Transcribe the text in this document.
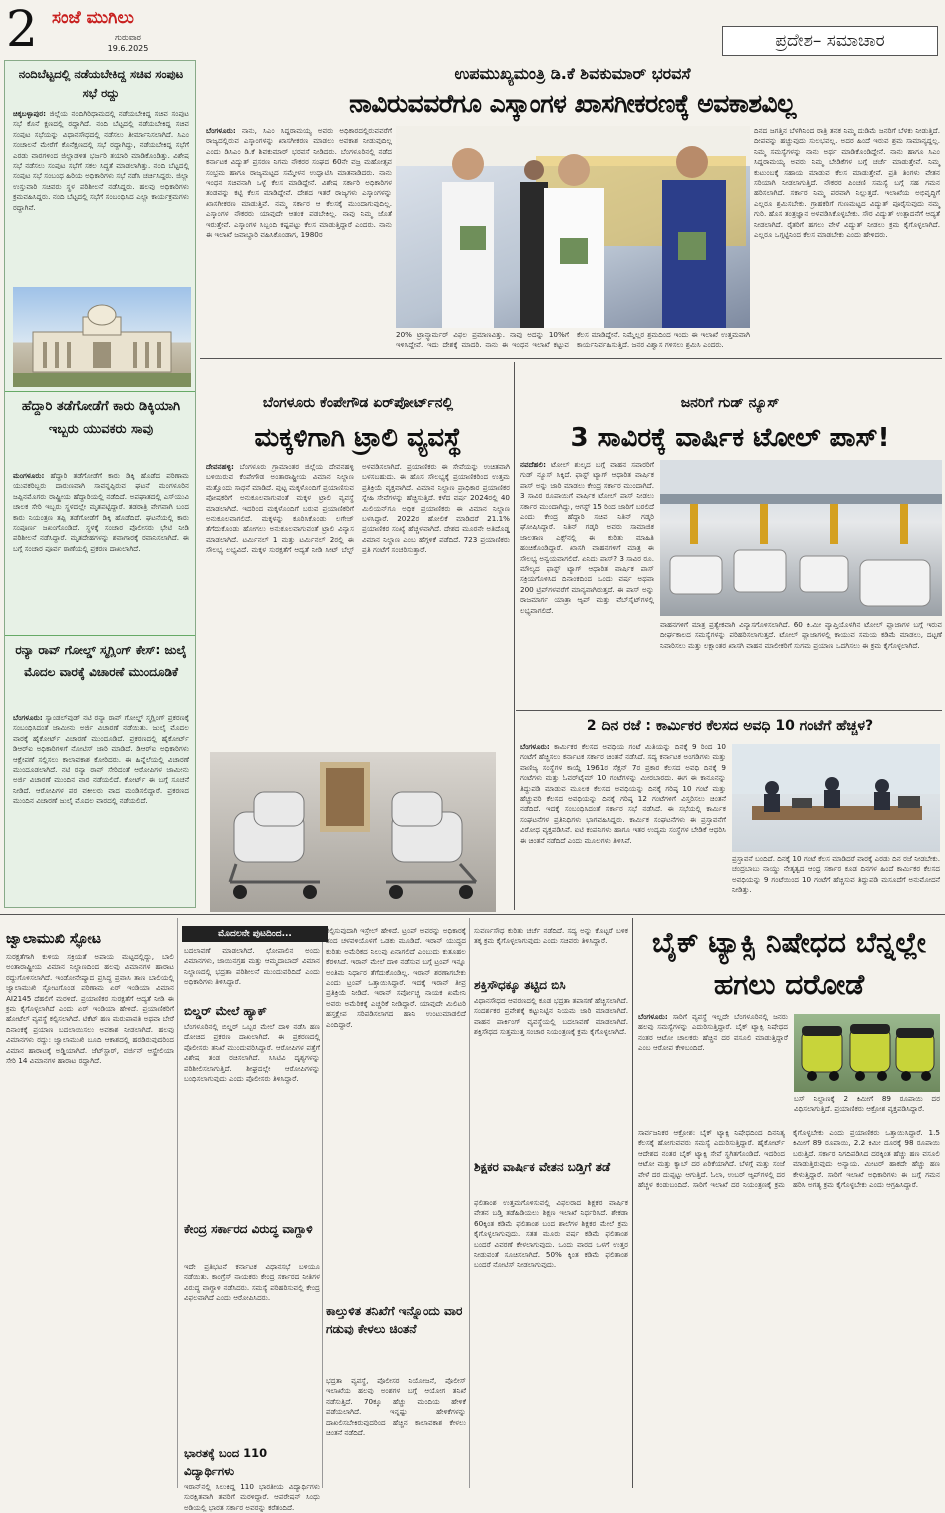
2 ಸಂಜೆ ಮುಗಿಲು
ಗುರುವಾರ
19.6.2025	ಪ್ರದೇಶ– ಸಮಾಚಾರ
ನಂದಿಬೆಟ್ಟದಲ್ಲಿ ನಡೆಯಬೇಕಿದ್ದ ಸಚಿವ ಸಂಪುಟ ಸಭೆ ರದ್ದು
ಚಿಕ್ಕಬಳ್ಳಾಪುರ: ಜಿಲ್ಲೆಯ ನಂದಿಗಿರಿಧಾಮದಲ್ಲಿ ನಡೆಯಬೇಕಿದ್ದ ಸಚಿವ ಸಂಪುಟ ಸಭೆ ಕೊನೆ ಕ್ಷಣದಲ್ಲಿ ರದ್ದಾಗಿದೆ. ನಂದಿ ಬೆಟ್ಟದಲ್ಲಿ ನಡೆಯಬೇಕಿದ್ದ ಸಚಿವ ಸಂಪುಟ ಸಭೆಯನ್ನು ವಿಧಾನಸೌಧದಲ್ಲಿ ನಡೆಸಲು ತೀರ್ಮಾನಿಸಲಾಗಿದೆ. ಸಿಎಂ ಸಂಚಾಲನೆ ಮೇರೆಗೆ ಕೊನೆಕ್ಷಣದಲ್ಲಿ ಸಭೆ ರದ್ದಾಗಿದ್ದು, ನಡೆಯಬೇಕಿದ್ದ ಸಭೆಗೆ ಎರಡು ವಾರಗಳಿಂದ ಜಿಲ್ಲಾಡಳಿತ ಭರ್ಜರಿ ತಯಾರಿ ಮಾಡಿಕೊಂಡಿತ್ತು. ವಿಶೇಷ ಸಭೆ ನಡೆಸಲು ಸಂಪುಟ ಸಭೆಗೆ ಸಕಲ ಸಿದ್ಧತೆ ಮಾಡಲಾಗಿತ್ತು. ನಂದಿ ಬೆಟ್ಟದಲ್ಲಿ ಸಂಪುಟ ಸಭೆ ಸಂಬಂಧ ಹಿರಿಯ ಅಧಿಕಾರಿಗಳು ಸಭೆ ನಡೆಸಿ ಚರ್ಚಿಸಿದ್ದರು. ಜಿಲ್ಲಾ ಉಸ್ತುವಾರಿ ಸಚಿವರು ಸ್ಥಳ ಪರಿಶೀಲನೆ ನಡೆಸಿದ್ದರು. ಹಲವು ಅಧಿಕಾರಿಗಳು ಕ್ರಮವಹಿಸಿದ್ದರು. ನಂದಿ ಬೆಟ್ಟದಲ್ಲಿ ಸಭೆಗೆ ಸಂಬಂಧಿಸಿದ ಎಲ್ಲಾ ಕಾರ್ಯಕ್ರಮಗಳು ರದ್ದಾಗಿವೆ.
ಹೆದ್ದಾರಿ ತಡೆಗೋಡೆಗೆ ಕಾರು ಡಿಕ್ಕಿಯಾಗಿ ಇಬ್ಬರು ಯುವಕರು ಸಾವು
ಮಂಗಳೂರು: ಹೆದ್ದಾರಿ ತಡೆಗೋಡೆಗೆ ಕಾರು ಡಿಕ್ಕಿ ಹೊಡೆದ ಪರಿಣಾಮ ಯುವಕರಿಬ್ಬರು ದಾರುಣವಾಗಿ ಸಾವನ್ನಪ್ಪಿರುವ ಘಟನೆ ಮಂಗಳೂರಿನ ಜಪ್ಪಿನಮೊಗರು ರಾಷ್ಟ್ರೀಯ ಹೆದ್ದಾರಿಯಲ್ಲಿ ನಡೆದಿದೆ. ಅಪಘಾತದಲ್ಲಿ ಎಸ್‌ಯುವಿ ಚಾಲಕ ಸೇರಿ ಇಬ್ಬರು ಸ್ಥಳದಲ್ಲೇ ಮೃತಪಟ್ಟಿದ್ದಾರೆ. ತಡರಾತ್ರಿ ವೇಗವಾಗಿ ಬಂದ ಕಾರು ನಿಯಂತ್ರಣ ತಪ್ಪಿ ತಡೆಗೋಡೆಗೆ ಡಿಕ್ಕಿ ಹೊಡೆದಿದೆ. ಘಟನೆಯಲ್ಲಿ ಕಾರು ಸಂಪೂರ್ಣ ಜಖಂಗೊಂಡಿದೆ. ಸ್ಥಳಕ್ಕೆ ಸಂಚಾರ ಪೊಲೀಸರು ಭೇಟಿ ನೀಡಿ ಪರಿಶೀಲನೆ ನಡೆಸಿದ್ದಾರೆ. ಮೃತದೇಹಗಳನ್ನು ಶವಾಗಾರಕ್ಕೆ ರವಾನಿಸಲಾಗಿದೆ. ಈ ಬಗ್ಗೆ ಸಂಚಾರ ಪೂರ್ವ ಠಾಣೆಯಲ್ಲಿ ಪ್ರಕರಣ ದಾಖಲಾಗಿದೆ.
ರನ್ಯಾ ರಾವ್ ಗೋಲ್ಡ್ ಸ್ಮಗ್ಲಿಂಗ್ ಕೇಸ್: ಜುಲೈ ಮೊದಲ ವಾರಕ್ಕೆ ವಿಚಾರಣೆ ಮುಂದೂಡಿಕೆ
ಬೆಂಗಳೂರು: ಸ್ಯಾಂಡಲ್‌ವುಡ್ ನಟಿ ರನ್ಯಾ ರಾವ್ ಗೋಲ್ಡ್ ಸ್ಮಗ್ಲಿಂಗ್ ಪ್ರಕರಣಕ್ಕೆ ಸಂಬಂಧಿಸಿದಂತೆ ಜಾಮೀನು ಅರ್ಜಿ ವಿಚಾರಣೆ ನಡೆಯಿತು. ಜುಲೈ ಮೊದಲ ವಾರಕ್ಕೆ ಹೈಕೋರ್ಟ್ ವಿಚಾರಣೆ ಮುಂದೂಡಿದೆ. ಪ್ರಕರಣದಲ್ಲಿ ಹೈಕೋರ್ಟ್ ಡಿಆರ್‌ಐ ಅಧಿಕಾರಿಗಳಿಗೆ ನೋಟಿಸ್ ಜಾರಿ ಮಾಡಿದೆ. ಡಿಆರ್‌ಐ ಅಧಿಕಾರಿಗಳು ಆಕ್ಷೇಪಣೆ ಸಲ್ಲಿಸಲು ಕಾಲಾವಕಾಶ ಕೋರಿದರು. ಈ ಹಿನ್ನೆಲೆಯಲ್ಲಿ ವಿಚಾರಣೆ ಮುಂದೂಡಲಾಗಿದೆ. ನಟಿ ರನ್ಯಾ ರಾವ್ ಸೇರಿದಂತೆ ಆರೋಪಿಗಳ ಜಾಮೀನು ಅರ್ಜಿ ವಿಚಾರಣೆ ಮುಂದಿನ ವಾರ ನಡೆಯಲಿದೆ. ಕೋರ್ಟ್ ಈ ಬಗ್ಗೆ ಸೂಚನೆ ನೀಡಿದೆ. ಆರೋಪಿಗಳ ಪರ ವಕೀಲರು ವಾದ ಮಂಡಿಸಲಿದ್ದಾರೆ. ಪ್ರಕರಣದ ಮುಂದಿನ ವಿಚಾರಣೆ ಜುಲೈ ಮೊದಲ ವಾರದಲ್ಲಿ ನಡೆಯಲಿದೆ.
ಉಪಮುಖ್ಯಮಂತ್ರಿ ಡಿ.ಕೆ ಶಿವಕುಮಾರ್ ಭರವಸೆ
ನಾವಿರುವವರೆಗೂ ಎಸ್ಕಾಂಗಳ ಖಾಸಗೀಕರಣಕ್ಕೆ ಅವಕಾಶವಿಲ್ಲ
ಬೆಂಗಳೂರು: ನಾನು, ಸಿಎಂ ಸಿದ್ದರಾಮಯ್ಯ ಅವರು ಅಧಿಕಾರದಲ್ಲಿರುವವರೆಗೆ ರಾಜ್ಯದಲ್ಲಿರುವ ಎಸ್ಕಾಂಗಳನ್ನು ಖಾಸಗೀಕರಣ ಮಾಡಲು ಅವಕಾಶ ನೀಡುವುದಿಲ್ಲ ಎಂದು ಡಿಸಿಎಂ ಡಿ.ಕೆ ಶಿವಕುಮಾರ್ ಭರವಸೆ ನೀಡಿದರು. ಬೆಂಗಳೂರಿನಲ್ಲಿ ನಡೆದ ಕರ್ನಾಟಕ ವಿದ್ಯುತ್ ಪ್ರಸರಣ ನಿಗಮ ನೌಕರರ ಸಂಘದ 60ನೇ ವಜ್ರ ಮಹೋತ್ಸವ ಸಂಭ್ರಮ ಹಾಗೂ ರಾಜ್ಯಮಟ್ಟದ ಸಮ್ಮೇಳನ ಉದ್ಘಾಟಿಸಿ ಮಾತನಾಡಿದರು. ನಾನು ಇಂಧನ ಸಚಿವನಾಗಿ ಒಳ್ಳೆ ಕೆಲಸ ಮಾಡಿದ್ದೇನೆ. ವಿಶೇಷ ಸರ್ಕಾರಿ ಅಧಿಕಾರಿಗಳ ತಂಡವನ್ನು ಕಟ್ಟಿ ಕೆಲಸ ಮಾಡಿದ್ದೇವೆ. ದೇಶದ ಇತರೆ ರಾಜ್ಯಗಳು ಎಸ್ಕಾಂಗಳನ್ನು ಖಾಸಗೀಕರಣ ಮಾಡುತ್ತಿವೆ. ನಮ್ಮ ಸರ್ಕಾರ ಆ ಕೆಲಸಕ್ಕೆ ಮುಂದಾಗುವುದಿಲ್ಲ. ಎಸ್ಕಾಂಗಳ ನೌಕರರು ಯಾವುದೇ ಆತಂಕ ಪಡಬೇಕಿಲ್ಲ. ನಾವು ನಿಮ್ಮ ಜೊತೆ ಇರುತ್ತೇವೆ. ಎಸ್ಕಾಂಗಳ ಸಿಬ್ಬಂದಿ ಕಷ್ಟಪಟ್ಟು ಕೆಲಸ ಮಾಡುತ್ತಿದ್ದಾರೆ ಎಂದರು. ನಾನು ಈ ಇಲಾಖೆ ಜವಾಬ್ದಾರಿ ವಹಿಸಿಕೊಂಡಾಗ, 1980ರ
20% ಟ್ರಾನ್ಸ್ಫಾರ್ಮರ್ ವಿಫಲ ಪ್ರಮಾಣವಿತ್ತು. ನಾವು ಅದನ್ನು 10%ಗೆ ಇಳಿಸಿದ್ದೇವೆ. ಇದು ದೇಶಕ್ಕೆ ಮಾದರಿ. ನಾನು ಈ ಇಂಧನ ಇಲಾಖೆ ಕಟ್ಟುವ ಕೆಲಸ ಮಾಡಿದ್ದೇನೆ. ನಿಮ್ಮೆಲ್ಲರ ಶ್ರಮದಿಂದ ಇಂದು ಈ ಇಲಾಖೆ ಉತ್ತಮವಾಗಿ ಕಾರ್ಯನಿರ್ವಹಿಸುತ್ತಿದೆ. ಜನರ ವಿಶ್ವಾಸ ಗಳಿಸಲು ಶ್ರಮಿಸಿ ಎಂದರು.
ದಿನದ ಜಗತ್ತಿನ ಬೆಳಗಿನಿಂದ ರಾತ್ರಿ ತನಕ ನಿಮ್ಮ ದುಡಿಮೆ ಜನರಿಗೆ ಬೆಳಕು ನೀಡುತ್ತಿದೆ. ದೀಪವನ್ನು ಹಚ್ಚುವುದು ಸುಲಭವಲ್ಲ. ಅದರ ಹಿಂದೆ ಇರುವ ಶ್ರಮ ಸಾಮಾನ್ಯದ್ದಲ್ಲ. ನಿಮ್ಮ ಸಮಸ್ಯೆಗಳನ್ನು ನಾನು ಅರ್ಥ ಮಾಡಿಕೊಂಡಿದ್ದೇನೆ. ನಾನು ಹಾಗೂ ಸಿಎಂ ಸಿದ್ದರಾಮಯ್ಯ ಅವರು ನಿಮ್ಮ ಬೇಡಿಕೆಗಳ ಬಗ್ಗೆ ಚರ್ಚೆ ಮಾಡುತ್ತೇವೆ. ನಿಮ್ಮ ಕುಟುಂಬಕ್ಕೆ ಸಹಾಯ ಮಾಡುವ ಕೆಲಸ ಮಾಡುತ್ತೇವೆ. ಪ್ರತಿ ತಿಂಗಳು ವೇತನ ಸರಿಯಾಗಿ ನೀಡಲಾಗುತ್ತಿದೆ. ನೌಕರರ ಪಿಂಚಣಿ ಸಮಸ್ಯೆ ಬಗ್ಗೆ ಸಹ ಗಮನ ಹರಿಸಲಾಗಿದೆ. ಸರ್ಕಾರ ನಿಮ್ಮ ಪರವಾಗಿ ನಿಲ್ಲುತ್ತದೆ. ಇಲಾಖೆಯ ಅಭಿವೃದ್ಧಿಗೆ ಎಲ್ಲರೂ ಶ್ರಮಿಸಬೇಕು. ಗ್ರಾಹಕರಿಗೆ ಗುಣಮಟ್ಟದ ವಿದ್ಯುತ್ ಪೂರೈಸುವುದು ನಮ್ಮ ಗುರಿ. ಹೊಸ ತಂತ್ರಜ್ಞಾನ ಅಳವಡಿಸಿಕೊಳ್ಳಬೇಕು. ಸೌರ ವಿದ್ಯುತ್ ಉತ್ಪಾದನೆಗೆ ಆದ್ಯತೆ ನೀಡಲಾಗಿದೆ. ರೈತರಿಗೆ ಹಗಲು ವೇಳೆ ವಿದ್ಯುತ್ ನೀಡಲು ಕ್ರಮ ಕೈಗೊಳ್ಳಲಾಗಿದೆ. ಎಲ್ಲರೂ ಒಗ್ಗಟ್ಟಿನಿಂದ ಕೆಲಸ ಮಾಡಬೇಕು ಎಂದು ಹೇಳಿದರು.
ಬೆಂಗಳೂರು ಕೆಂಪೇಗೌಡ ಏರ್‌ಪೋರ್ಟ್‌ನಲ್ಲಿ
ಮಕ್ಕಳಿಗಾಗಿ ಟ್ರಾಲಿ ವ್ಯವಸ್ಥೆ
ದೇವನಹಳ್ಳಿ: ಬೆಂಗಳೂರು ಗ್ರಾಮಾಂತರ ಜಿಲ್ಲೆಯ ದೇವನಹಳ್ಳಿ ಬಳಿಯಿರುವ ಕೆಂಪೇಗೌಡ ಅಂತಾರಾಷ್ಟ್ರೀಯ ವಿಮಾನ ನಿಲ್ದಾಣ ಮತ್ತೊಂದು ಸಾಧನೆ ಮಾಡಿದೆ. ಪುಟ್ಟ ಮಕ್ಕಳೊಂದಿಗೆ ಪ್ರಯಾಣಿಸುವ ಪೋಷಕರಿಗೆ ಅನುಕೂಲವಾಗುವಂತೆ ಮಕ್ಕಳ ಟ್ರಾಲಿ ವ್ಯವಸ್ಥೆ ಮಾಡಲಾಗಿದೆ. ಇದರಿಂದ ಮಕ್ಕಳೊಂದಿಗೆ ಬರುವ ಪ್ರಯಾಣಿಕರಿಗೆ ಅನುಕೂಲವಾಗಲಿದೆ. ಮಕ್ಕಳನ್ನು ಕೂರಿಸಿಕೊಂಡು ಲಗೇಜ್ ತೆಗೆದುಕೊಂಡು ಹೋಗಲು ಅನುಕೂಲವಾಗುವಂತೆ ಟ್ರಾಲಿ ವಿನ್ಯಾಸ ಮಾಡಲಾಗಿದೆ. ಟರ್ಮಿನಲ್ 1 ಮತ್ತು ಟರ್ಮಿನಲ್ 2ರಲ್ಲಿ ಈ ಸೌಲಭ್ಯ ಲಭ್ಯವಿದೆ. ಮಕ್ಕಳ ಸುರಕ್ಷತೆಗೆ ಆದ್ಯತೆ ನೀಡಿ ಸೀಟ್ ಬೆಲ್ಟ್ ಅಳವಡಿಸಲಾಗಿದೆ. ಪ್ರಯಾಣಿಕರು ಈ ಸೇವೆಯನ್ನು ಉಚಿತವಾಗಿ ಬಳಸಬಹುದು. ಈ ಹೊಸ ಸೌಲಭ್ಯಕ್ಕೆ ಪ್ರಯಾಣಿಕರಿಂದ ಉತ್ತಮ ಪ್ರತಿಕ್ರಿಯೆ ವ್ಯಕ್ತವಾಗಿದೆ. ವಿಮಾನ ನಿಲ್ದಾಣ ಪ್ರಾಧಿಕಾರ ಪ್ರಯಾಣಿಕರ ಸ್ನೇಹಿ ಸೇವೆಗಳನ್ನು ಹೆಚ್ಚಿಸುತ್ತಿದೆ. ಕಳೆದ ವರ್ಷ 2024ರಲ್ಲಿ 40 ಮಿಲಿಯನ್‌ಗೂ ಅಧಿಕ ಪ್ರಯಾಣಿಕರು ಈ ವಿಮಾನ ನಿಲ್ದಾಣ ಬಳಸಿದ್ದಾರೆ. 2022ರ ಹೋಲಿಕೆ ಮಾಡಿದರೆ 21.1% ಪ್ರಯಾಣಿಕರ ಸಂಖ್ಯೆ ಹೆಚ್ಚಳವಾಗಿದೆ. ದೇಶದ ಮೂರನೇ ಅತಿದೊಡ್ಡ ವಿಮಾನ ನಿಲ್ದಾಣ ಎಂಬ ಹೆಗ್ಗಳಿಕೆ ಪಡೆದಿದೆ. 723 ಪ್ರಯಾಣಿಕರು ಪ್ರತಿ ಗಂಟೆಗೆ ಸಂಚರಿಸುತ್ತಾರೆ.
ಜನರಿಗೆ ಗುಡ್ ನ್ಯೂಸ್
3 ಸಾವಿರಕ್ಕೆ ವಾರ್ಷಿಕ ಟೋಲ್ ಪಾಸ್!
ನವದೆಹಲಿ: ಟೋಲ್ ಶುಲ್ಕದ ಬಗ್ಗೆ ವಾಹನ ಸವಾರರಿಗೆ ಗುಡ್ ನ್ಯೂಸ್ ಸಿಕ್ಕಿದೆ. ಫಾಸ್ಟ್ ಟ್ಯಾಗ್ ಆಧಾರಿತ ವಾರ್ಷಿಕ ಪಾಸ್ ಅನ್ನು ಜಾರಿ ಮಾಡಲು ಕೇಂದ್ರ ಸರ್ಕಾರ ಮುಂದಾಗಿದೆ. 3 ಸಾವಿರ ರೂಪಾಯಿಗೆ ವಾರ್ಷಿಕ ಟೋಲ್ ಪಾಸ್ ನೀಡಲು ಸರ್ಕಾರ ಮುಂದಾಗಿದ್ದು, ಆಗಸ್ಟ್ 15 ರಿಂದ ಜಾರಿಗೆ ಬರಲಿದೆ ಎಂದು ಕೇಂದ್ರ ಹೆದ್ದಾರಿ ಸಚಿವ ನಿತಿನ್ ಗಡ್ಕರಿ ಘೋಷಿಸಿದ್ದಾರೆ. ನಿತಿನ್ ಗಡ್ಕರಿ ಅವರು ಸಾಮಾಜಿಕ ಜಾಲತಾಣ ಎಕ್ಸ್‌ನಲ್ಲಿ ಈ ಕುರಿತು ಮಾಹಿತಿ ಹಂಚಿಕೊಂಡಿದ್ದಾರೆ. ಖಾಸಗಿ ವಾಹನಗಳಿಗೆ ಮಾತ್ರ ಈ ಸೌಲಭ್ಯ ಅನ್ವಯವಾಗಲಿದೆ. ಏನಿದು ಪಾಸ್? 3 ಸಾವಿರ ರೂ. ಮೌಲ್ಯದ ಫಾಸ್ಟ್ ಟ್ಯಾಗ್ ಆಧಾರಿತ ವಾರ್ಷಿಕ ಪಾಸ್ ಸಕ್ರಿಯಗೊಳಿಸಿದ ದಿನಾಂಕದಿಂದ ಒಂದು ವರ್ಷ ಅಥವಾ 200 ಟ್ರಿಪ್‌ಗಳವರೆಗೆ ಮಾನ್ಯವಾಗಿರುತ್ತದೆ. ಈ ಪಾಸ್ ಅನ್ನು ರಾಜಮಾರ್ಗ ಯಾತ್ರಾ ಆ್ಯಪ್ ಮತ್ತು ವೆಬ್‌ಸೈಟ್‌ಗಳಲ್ಲಿ ಲಭ್ಯವಾಗಲಿದೆ.
ವಾಹನಗಳಿಗೆ ಮಾತ್ರ ಪ್ರತ್ಯೇಕವಾಗಿ ವಿನ್ಯಾಸಗೊಳಿಸಲಾಗಿದೆ. 60 ಕಿ.ಮೀ ವ್ಯಾಪ್ತಿಯೊಳಗಿನ ಟೋಲ್ ಪ್ಲಾಜಾಗಳ ಬಗ್ಗೆ ಇರುವ ದೀರ್ಘಕಾಲದ ಸಮಸ್ಯೆಗಳನ್ನು ಪರಿಹರಿಸಲಾಗುತ್ತದೆ. ಟೋಲ್ ಪ್ಲಾಜಾಗಳಲ್ಲಿ ಕಾಯುವ ಸಮಯ ಕಡಿಮೆ ಮಾಡಲು, ದಟ್ಟಣೆ ನಿವಾರಿಸಲು ಮತ್ತು ಲಕ್ಷಾಂತರ ಖಾಸಗಿ ವಾಹನ ಮಾಲೀಕರಿಗೆ ಸುಗಮ ಪ್ರಯಾಣ ಒದಗಿಸಲು ಈ ಕ್ರಮ ಕೈಗೊಳ್ಳಲಾಗಿದೆ.
2 ದಿನ ರಜೆ : ಕಾರ್ಮಿಕರ ಕೆಲಸದ ಅವಧಿ 10 ಗಂಟೆಗೆ ಹೆಚ್ಚಳ?
ಬೆಂಗಳೂರು: ಕಾರ್ಮಿಕರ ಕೆಲಸದ ಅವಧಿಯ ಗಂಟೆ ಮಿತಿಯನ್ನು ದಿನಕ್ಕೆ 9 ರಿಂದ 10 ಗಂಟೆಗೆ ಹೆಚ್ಚಿಸಲು ಕರ್ನಾಟಕ ಸರ್ಕಾರ ಚಿಂತನೆ ನಡೆಸಿದೆ. ಸದ್ಯ ಕರ್ನಾಟಕ ಅಂಗಡಿಗಳು ಮತ್ತು ವಾಣಿಜ್ಯ ಸಂಸ್ಥೆಗಳ ಕಾಯ್ದೆ 1961ರ ಸೆಕ್ಷನ್ 7ರ ಪ್ರಕಾರ ಕೆಲಸದ ಅವಧಿ ದಿನಕ್ಕೆ 9 ಗಂಟೆಗಳು ಮತ್ತು ಓವರ್‌ಟೈಮ್ 10 ಗಂಟೆಗಳನ್ನು ಮೀರಬಾರದು. ಈಗ ಈ ಕಾನೂನನ್ನು ತಿದ್ದುಪಡಿ ಮಾಡುವ ಮೂಲಕ ಕೆಲಸದ ಅವಧಿಯನ್ನು ದಿನಕ್ಕೆ ಗರಿಷ್ಠ 10 ಗಂಟೆ ಮತ್ತು ಹೆಚ್ಚುವರಿ ಕೆಲಸದ ಅವಧಿಯನ್ನು ದಿನಕ್ಕೆ ಗರಿಷ್ಠ 12 ಗಂಟೆಗಳಿಗೆ ವಿಸ್ತರಿಸಲು ಚಿಂತನೆ ನಡೆದಿದೆ. ಇದಕ್ಕೆ ಸಂಬಂಧಿಸಿದಂತೆ ಸರ್ಕಾರ ಸಭೆ ನಡೆಸಿದೆ. ಈ ಸಭೆಯಲ್ಲಿ ಕಾರ್ಮಿಕ ಸಂಘಟನೆಗಳ ಪ್ರತಿನಿಧಿಗಳು ಭಾಗವಹಿಸಿದ್ದರು. ಕಾರ್ಮಿಕ ಸಂಘಟನೆಗಳು ಈ ಪ್ರಸ್ತಾವನೆಗೆ ವಿರೋಧ ವ್ಯಕ್ತಪಡಿಸಿವೆ. ಐಟಿ ಕಂಪನಿಗಳು ಹಾಗೂ ಇತರ ಉದ್ಯಮ ಸಂಸ್ಥೆಗಳ ಬೇಡಿಕೆ ಆಧರಿಸಿ ಈ ಚಿಂತನೆ ನಡೆದಿದೆ ಎಂದು ಮೂಲಗಳು ತಿಳಿಸಿವೆ.
ಪ್ರಸ್ತಾವನೆ ಬಂದಿದೆ. ದಿನಕ್ಕೆ 10 ಗಂಟೆ ಕೆಲಸ ಮಾಡಿದರೆ ವಾರಕ್ಕೆ ಎರಡು ದಿನ ರಜೆ ನೀಡಬೇಕು. ಚಂದ್ರಬಾಬು ನಾಯ್ಡು ನೇತೃತ್ವದ ಆಂಧ್ರ ಸರ್ಕಾರ ಕೂಡ ದಿನಗಳ ಹಿಂದೆ ಕಾರ್ಮಿಕರ ಕೆಲಸದ ಅವಧಿಯನ್ನು 9 ಗಂಟೆಯಿಂದ 10 ಗಂಟೆಗೆ ಹೆಚ್ಚಿಸುವ ತಿದ್ದುಪಡಿ ಮಸೂದೆಗೆ ಅನುಮೋದನೆ ನೀಡಿತ್ತು.
ಜ್ವಾಲಾಮುಖಿ ಸ್ಫೋಟ
ಸುರಕ್ಷತೆಗಾಗಿ ಕುಳಿಯ ಸಕ್ರಿಯತೆ ಅಪಾಯ ಮಟ್ಟದಲ್ಲಿದ್ದು, ಬಾಲಿ ಅಂತಾರಾಷ್ಟ್ರೀಯ ವಿಮಾನ ನಿಲ್ದಾಣದಿಂದ ಹಲವು ವಿಮಾನಗಳ ಹಾರಾಟ ರದ್ದುಗೊಳಿಸಲಾಗಿದೆ. ಇಂಡೋನೇಷ್ಯಾದ ಪ್ರಸಿದ್ಧ ಪ್ರವಾಸಿ ತಾಣ ಬಾಲಿಯಲ್ಲಿ ಜ್ವಾಲಾಮುಖಿ ಸ್ಫೋಟಗೊಂಡ ಪರಿಣಾಮ ಏರ್ ಇಂಡಿಯಾ ವಿಮಾನ AI2145 ದೆಹಲಿಗೆ ಮರಳಿದೆ. ಪ್ರಯಾಣಿಕರ ಸುರಕ್ಷತೆಗೆ ಆದ್ಯತೆ ನೀಡಿ ಈ ಕ್ರಮ ಕೈಗೊಳ್ಳಲಾಗಿದೆ ಎಂದು ಏರ್ ಇಂಡಿಯಾ ಹೇಳಿದೆ. ಪ್ರಯಾಣಿಕರಿಗೆ ಹೋಟೆಲ್ ವ್ಯವಸ್ಥೆ ಕಲ್ಪಿಸಲಾಗಿದೆ. ಟಿಕೆಟ್ ಹಣ ಮರುಪಾವತಿ ಅಥವಾ ಬೇರೆ ದಿನಾಂಕಕ್ಕೆ ಪ್ರಯಾಣ ಬದಲಾಯಿಸಲು ಅವಕಾಶ ನೀಡಲಾಗಿದೆ. ಹಲವು ವಿಮಾನಗಳು ರದ್ದು: ಜ್ವಾಲಾಮುಖಿ ಬೂದಿ ಆಕಾಶದಲ್ಲಿ ಹರಡಿರುವುದರಿಂದ ವಿಮಾನ ಹಾರಾಟಕ್ಕೆ ಅಡ್ಡಿಯಾಗಿದೆ. ಜೆಟ್‌ಸ್ಟಾರ್, ವರ್ಜಿನ್ ಆಸ್ಟ್ರೇಲಿಯಾ ಸೇರಿ 14 ವಿಮಾನಗಳ ಹಾರಾಟ ರದ್ದಾಗಿದೆ.
ಮೊದಲನೇ ಪುಟದಿಂದ...
ಬದಲಾವಣೆ ಮಾಡಲಾಗಿದೆ. ಛೋಪಾಲಿನ ಅಂದು ವಿಮಾನಗಳು, ಜಾಯಿನಗ್ರಹ ಮತ್ತು ಆಮ್ಮದಾಬಾದ್ ವಿಮಾನ ನಿಲ್ದಾಣದಲ್ಲಿ ಭದ್ರತಾ ಪರಿಶೀಲನೆ ಮುಂದುವರಿದಿದೆ ಎಂದು ಅಧಿಕಾರಿಗಳು ತಿಳಿಸಿದ್ದಾರೆ.
ಬಿಲ್ಡರ್ ಮೇಲೆ ಹ್ಯಾಕ್
ಬೆಂಗಳೂರಿನಲ್ಲಿ ಬಿಲ್ಡರ್ ಒಬ್ಬರ ಮೇಲೆ ದಾಳಿ ನಡೆಸಿ ಹಣ ದೋಚಿದ ಪ್ರಕರಣ ದಾಖಲಾಗಿದೆ. ಈ ಪ್ರಕರಣದಲ್ಲಿ ಪೊಲೀಸರು ತನಿಖೆ ಮುಂದುವರಿಸಿದ್ದಾರೆ. ಆರೋಪಿಗಳ ಪತ್ತೆಗೆ ವಿಶೇಷ ತಂಡ ರಚಿಸಲಾಗಿದೆ. ಸಿಸಿಟಿವಿ ದೃಶ್ಯಗಳನ್ನು ಪರಿಶೀಲಿಸಲಾಗುತ್ತಿದೆ. ಶೀಘ್ರದಲ್ಲೇ ಆರೋಪಿಗಳನ್ನು ಬಂಧಿಸಲಾಗುವುದು ಎಂದು ಪೊಲೀಸರು ತಿಳಿಸಿದ್ದಾರೆ.
ಕೇಂದ್ರ ಸರ್ಕಾರದ ವಿರುದ್ಧ ವಾಗ್ದಾಳಿ
ಇದೇ ಪ್ರತಿಭಟನೆ ಕರ್ನಾಟಕ ವಿಧಾನಸಭೆ ಬಳಿಯೂ ನಡೆಯಿತು. ಕಾಂಗ್ರೆಸ್ ನಾಯಕರು ಕೇಂದ್ರ ಸರ್ಕಾರದ ನೀತಿಗಳ ವಿರುದ್ಧ ವಾಗ್ದಾಳಿ ನಡೆಸಿದರು. ಸಮಸ್ಯೆ ಪರಿಹರಿಸುವಲ್ಲಿ ಕೇಂದ್ರ ವಿಫಲವಾಗಿದೆ ಎಂದು ಆರೋಪಿಸಿದರು.
ಭಾರತಕ್ಕೆ ಬಂದ 110 ವಿದ್ಯಾರ್ಥಿಗಳು
ಕಲ್ಪಿಸುವುದಾಗಿ ಇಸ್ರೇಲ್ ಹೇಳಿದೆ. ಟ್ರಂಪ್ ಅವರನ್ನು ಅಧಿಕಾರಕ್ಕೆ ತಂದ ಚಳವಳಿಯೊಳಗೆ ಒಡಕು ಮೂಡಿದೆ. ಇರಾನ್ ಯುದ್ಧದ ಕುರಿತು ಅಮೆರಿಕದ ನಿಲುವು ಏನಾಗಲಿದೆ ಎಂಬುದು ಕುತೂಹಲ ಕೆರಳಿಸಿದೆ. ಇರಾನ್ ಮೇಲೆ ದಾಳಿ ನಡೆಸುವ ಬಗ್ಗೆ ಟ್ರಂಪ್ ಇನ್ನೂ ಅಂತಿಮ ನಿರ್ಧಾರ ತೆಗೆದುಕೊಂಡಿಲ್ಲ. ಇರಾನ್ ಶರಣಾಗಬೇಕು ಎಂದು ಟ್ರಂಪ್ ಒತ್ತಾಯಿಸಿದ್ದಾರೆ. ಇದಕ್ಕೆ ಇರಾನ್ ತೀವ್ರ ಪ್ರತಿಕ್ರಿಯೆ ನೀಡಿದೆ. ಇರಾನ್ ಸರ್ವೋಚ್ಚ ನಾಯಕ ಖಮೇನಿ ಅವರು ಅಮೆರಿಕಕ್ಕೆ ಎಚ್ಚರಿಕೆ ನೀಡಿದ್ದಾರೆ. ಯಾವುದೇ ಮಿಲಿಟರಿ ಹಸ್ತಕ್ಷೇಪ ಸರಿಪಡಿಸಲಾಗದ ಹಾನಿ ಉಂಟುಮಾಡಲಿದೆ ಎಂದಿದ್ದಾರೆ.
ಕಾಲ್ತುಳಿತ ತನಿಖೆಗೆ ಇನ್ನೊಂದು ವಾರ ಗಡುವು ಕೇಳಲು ಚಿಂತನೆ
ಭದ್ರತಾ ವ್ಯವಸ್ಥೆ, ಪೊಲೀಸರ ನಿಯೋಜನೆ, ಪೊಲೀಸ್ ಇಲಾಖೆಯ ಹಲವು ಅಂಶಗಳ ಬಗ್ಗೆ ಆಯೋಗ ತನಿಖೆ ನಡೆಸುತ್ತಿದೆ. 70ಕ್ಕೂ ಹೆಚ್ಚು ಮಂದಿಯ ಹೇಳಿಕೆ ಪಡೆಯಲಾಗಿದೆ. ಇನ್ನಷ್ಟು ಹೇಳಿಕೆಗಳನ್ನು ದಾಖಲಿಸಬೇಕಿರುವುದರಿಂದ ಹೆಚ್ಚಿನ ಕಾಲಾವಕಾಶ ಕೇಳಲು ಚಿಂತನೆ ನಡೆದಿದೆ.
ಇರಾನ್‌ನಲ್ಲಿ ಸಿಲುಕಿದ್ದ 110 ಭಾರತೀಯ ವಿದ್ಯಾರ್ಥಿಗಳು ಸುರಕ್ಷಿತವಾಗಿ ತವರಿಗೆ ಮರಳಿದ್ದಾರೆ. ಆಪರೇಷನ್ ಸಿಂಧು ಅಡಿಯಲ್ಲಿ ಭಾರತ ಸರ್ಕಾರ ಅವರನ್ನು ಕರೆತಂದಿದೆ.
ಸುವರ್ಣಸೌಧ ಕುರಿತು ಚರ್ಚೆ ನಡೆದಿದೆ. ಸದ್ಯ ಅನ್ನು ಕೊಟ್ಟರೆ ಬಳಿಕ ತಕ್ಕ ಕ್ರಮ ಕೈಗೊಳ್ಳಲಾಗುವುದು ಎಂದು ಸಚಿವರು ತಿಳಿಸಿದ್ದಾರೆ.
ಶಕ್ತಿಸೌಧಕ್ಕೂ ತಟ್ಟಿದ ಬಿಸಿ
ವಿಧಾನಸೌಧದ ಆವರಣದಲ್ಲಿ ಕೂಡ ಭದ್ರತಾ ತಪಾಸಣೆ ಹೆಚ್ಚಿಸಲಾಗಿದೆ. ಸಂದರ್ಶಕರ ಪ್ರವೇಶಕ್ಕೆ ಕಟ್ಟುನಿಟ್ಟಿನ ನಿಯಮ ಜಾರಿ ಮಾಡಲಾಗಿದೆ. ವಾಹನ ಪಾರ್ಕಿಂಗ್ ವ್ಯವಸ್ಥೆಯಲ್ಲಿ ಬದಲಾವಣೆ ಮಾಡಲಾಗಿದೆ. ಶಕ್ತಿಸೌಧದ ಸುತ್ತಮುತ್ತ ಸಂಚಾರ ನಿಯಂತ್ರಣಕ್ಕೆ ಕ್ರಮ ಕೈಗೊಳ್ಳಲಾಗಿದೆ.
ಶಿಕ್ಷಕರ ವಾರ್ಷಿಕ ವೇತನ ಬಡ್ತಿಗೆ ತಡೆ
ಫಲಿತಾಂಶ ಉತ್ತಮಗೊಳಿಸುವಲ್ಲಿ ವಿಫಲರಾದ ಶಿಕ್ಷಕರ ವಾರ್ಷಿಕ ವೇತನ ಬಡ್ತಿ ತಡೆಹಿಡಿಯಲು ಶಿಕ್ಷಣ ಇಲಾಖೆ ನಿರ್ಧರಿಸಿದೆ. ಶೇಕಡಾ 60ಕ್ಕಿಂತ ಕಡಿಮೆ ಫಲಿತಾಂಶ ಬಂದ ಶಾಲೆಗಳ ಶಿಕ್ಷಕರ ಮೇಲೆ ಕ್ರಮ ಕೈಗೊಳ್ಳಲಾಗುವುದು. ಸತತ ಮೂರು ವರ್ಷ ಕಡಿಮೆ ಫಲಿತಾಂಶ ಬಂದರೆ ವಿವರಣೆ ಕೇಳಲಾಗುವುದು. ಒಂದು ವಾರದ ಒಳಗೆ ಉತ್ತರ ನೀಡುವಂತೆ ಸೂಚಿಸಲಾಗಿದೆ. 50% ಕ್ಕಿಂತ ಕಡಿಮೆ ಫಲಿತಾಂಶ ಬಂದರೆ ನೋಟಿಸ್ ನೀಡಲಾಗುವುದು.
ಬೈಕ್ ಟ್ಯಾಕ್ಸಿ ನಿಷೇಧದ ಬೆನ್ನಲ್ಲೇ ಹಗಲು ದರೋಡೆ
ಬೆಂಗಳೂರು: ಸಾರಿಗೆ ವ್ಯವಸ್ಥೆ ಇಲ್ಲದೇ ಬೆಂಗಳೂರಿನಲ್ಲಿ ಜನರು ಹಲವು ಸಮಸ್ಯೆಗಳನ್ನು ಎದುರಿಸುತ್ತಿದ್ದಾರೆ. ಬೈಕ್ ಟ್ಯಾಕ್ಸಿ ನಿಷೇಧದ ನಂತರ ಆಟೋ ಚಾಲಕರು ಹೆಚ್ಚಿನ ದರ ವಸೂಲಿ ಮಾಡುತ್ತಿದ್ದಾರೆ ಎಂಬ ಆರೋಪ ಕೇಳಿಬಂದಿದೆ.
ಬಸ್ ನಿಲ್ದಾಣಕ್ಕೆ 2 ಕಿಮೀಗೆ 89 ರೂಪಾಯಿ ದರ ವಿಧಿಸಲಾಗುತ್ತಿದೆ. ಪ್ರಯಾಣಿಕರು ಆಕ್ರೋಶ ವ್ಯಕ್ತಪಡಿಸಿದ್ದಾರೆ.
ಸಾರ್ವಜನಿಕರ ಆಕ್ರೋಶ: ಬೈಕ್ ಟ್ಯಾಕ್ಸಿ ನಿಷೇಧದಿಂದ ದಿನನಿತ್ಯ ಕೆಲಸಕ್ಕೆ ಹೋಗುವವರು ಸಮಸ್ಯೆ ಎದುರಿಸುತ್ತಿದ್ದಾರೆ. ಹೈಕೋರ್ಟ್ ಆದೇಶದ ನಂತರ ಬೈಕ್ ಟ್ಯಾಕ್ಸಿ ಸೇವೆ ಸ್ಥಗಿತಗೊಂಡಿದೆ. ಇದರಿಂದ ಆಟೋ ಮತ್ತು ಕ್ಯಾಬ್ ದರ ಏರಿಕೆಯಾಗಿದೆ. ಬೆಳಗ್ಗೆ ಮತ್ತು ಸಂಜೆ ವೇಳೆ ದರ ದುಪ್ಪಟ್ಟು ಆಗುತ್ತಿದೆ. ಓಲಾ, ಉಬರ್ ಆ್ಯಪ್‌ಗಳಲ್ಲಿ ದರ ಹೆಚ್ಚಳ ಕಂಡುಬಂದಿದೆ. ಸಾರಿಗೆ ಇಲಾಖೆ ದರ ನಿಯಂತ್ರಣಕ್ಕೆ ಕ್ರಮ ಕೈಗೊಳ್ಳಬೇಕು ಎಂದು ಪ್ರಯಾಣಿಕರು ಒತ್ತಾಯಿಸಿದ್ದಾರೆ. 1.5 ಕಿಮೀಗೆ 89 ರೂಪಾಯಿ, 2.2 ಕಿಮೀ ದೂರಕ್ಕೆ 98 ರೂಪಾಯಿ ಬರುತ್ತಿದೆ. ಸರ್ಕಾರ ನಿಗದಿಪಡಿಸಿದ ದರಕ್ಕಿಂತ ಹೆಚ್ಚು ಹಣ ವಸೂಲಿ ಮಾಡುತ್ತಿರುವುದು ಅನ್ಯಾಯ. ಮೀಟರ್ ಹಾಕದೇ ಹೆಚ್ಚು ಹಣ ಕೇಳುತ್ತಿದ್ದಾರೆ. ಸಾರಿಗೆ ಇಲಾಖೆ ಅಧಿಕಾರಿಗಳು ಈ ಬಗ್ಗೆ ಗಮನ ಹರಿಸಿ ಅಗತ್ಯ ಕ್ರಮ ಕೈಗೊಳ್ಳಬೇಕು ಎಂದು ಆಗ್ರಹಿಸಿದ್ದಾರೆ.
